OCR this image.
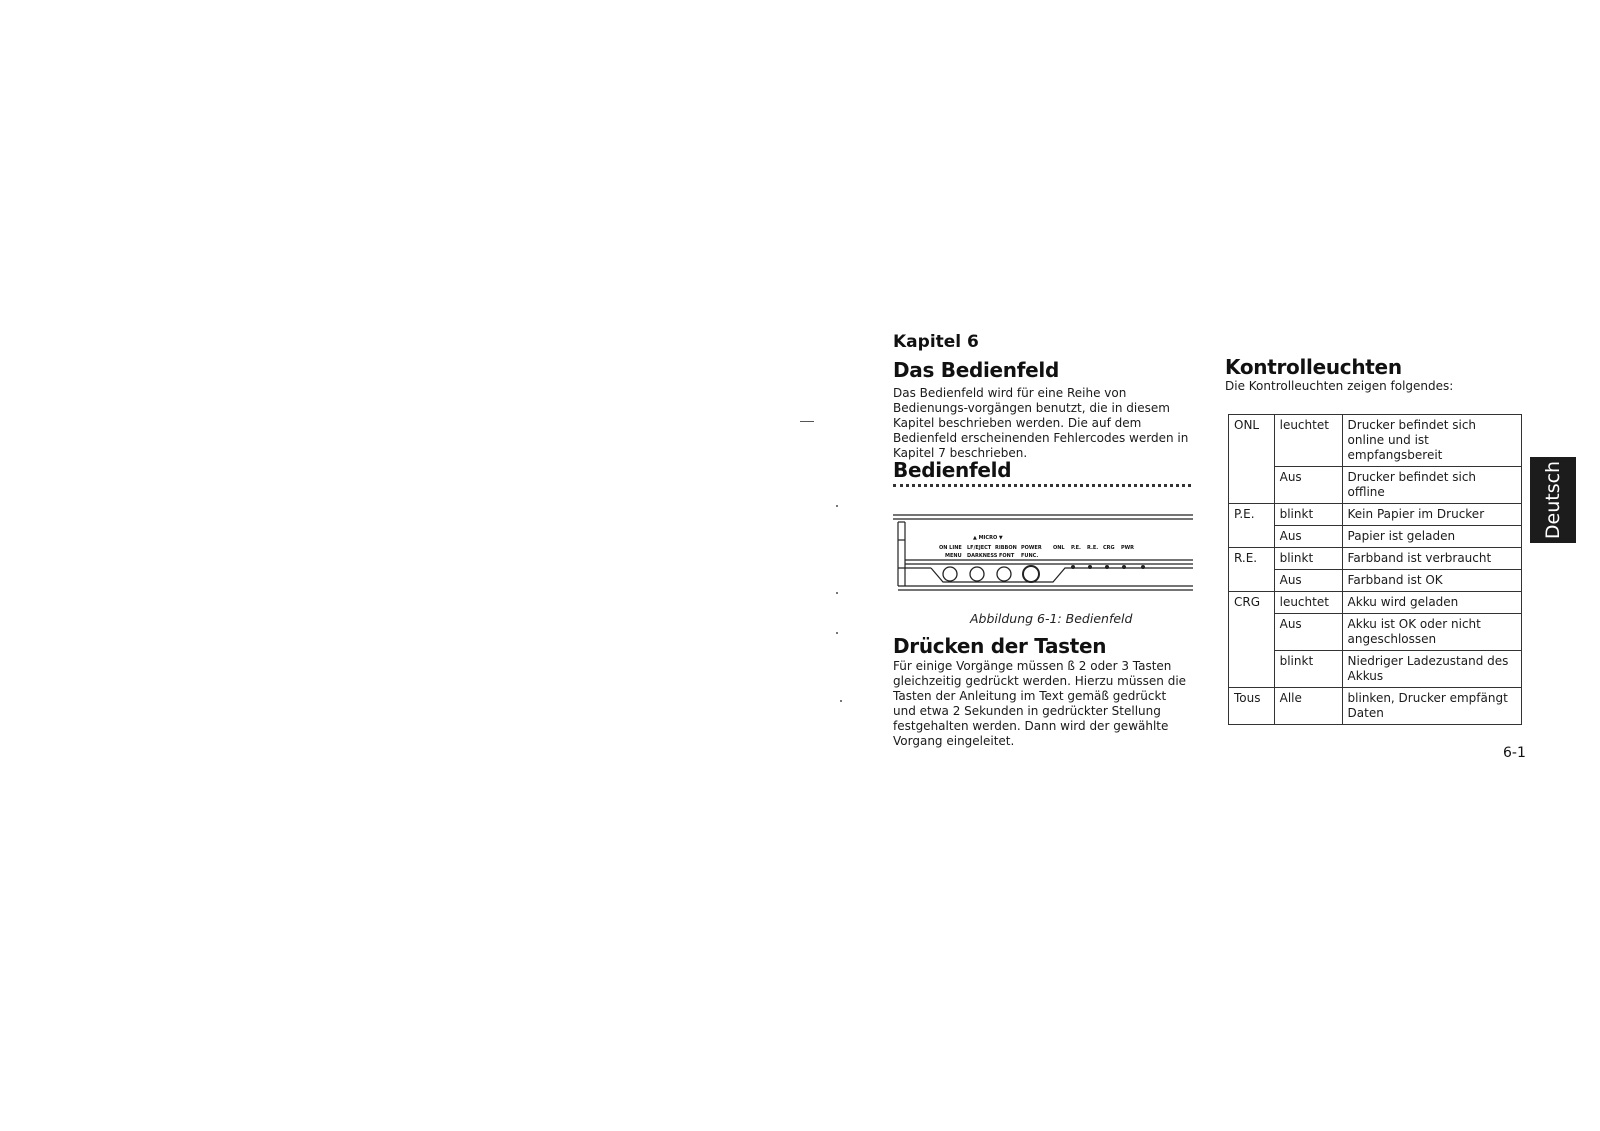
Kapitel 6
Das Bedienfeld
Das Bedienfeld wird für eine Reihe von Bedienungs-vorgängen benutzt, die in diesem Kapitel beschrieben werden. Die auf dem Bedienfeld erscheinenden Fehlercodes werden in Kapitel 7 beschrieben.
Bedienfeld
▲ MICRO ▼
ON LINE LF/EJECT RIBBON POWER
MENU DARKNESS FONT FUNC.
ONL P.E. R.E. CRG PWR
Abbildung 6-1: Bedienfeld
Drücken der Tasten
Für einige Vorgänge müssen ß 2 oder 3 Tasten gleichzeitig gedrückt werden. Hierzu müssen die Tasten der Anleitung im Text gemäß gedrückt und etwa 2 Sekunden in gedrückter Stellung festgehalten werden. Dann wird der gewählte Vorgang eingeleitet.
Kontrolleuchten
Die Kontrolleuchten zeigen folgendes:
ONL	leuchtet	Drucker befindet sich online und ist empfangsbereit
	Aus	Drucker befindet sich offline
P.E.	blinkt	Kein Papier im Drucker
	Aus	Papier ist geladen
R.E.	blinkt	Farbband ist verbraucht
	Aus	Farbband ist OK
CRG	leuchtet	Akku wird geladen
	Aus	Akku ist OK oder nicht angeschlossen
	blinkt	Niedriger Ladezustand des Akkus
Tous	Alle	blinken, Drucker empfängt Daten
Deutsch
6-1
